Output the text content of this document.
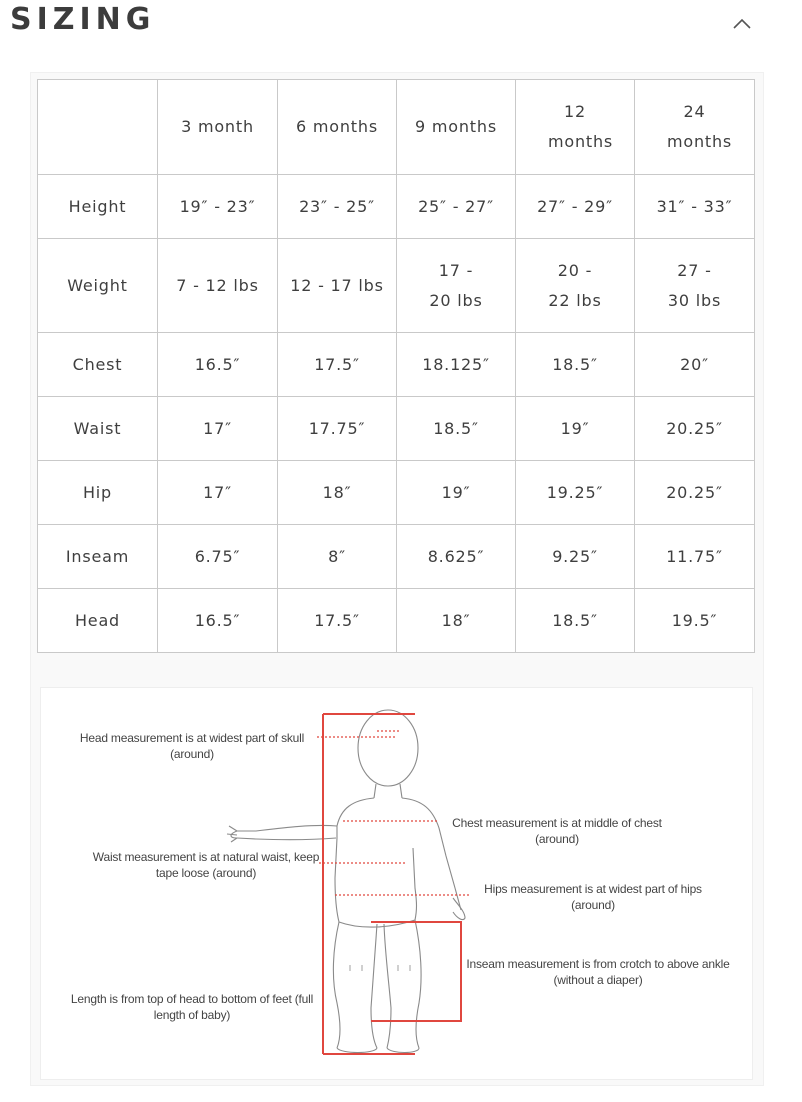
SIZING
	3 month	6 months	9 months	12 months	24 months
Height	19″ - 23″	23″ - 25″	25″ - 27″	27″ - 29″	31″ - 33″
Weight	7 - 12 lbs	12 - 17 lbs	17 - 20 lbs	20 - 22 lbs	27 - 30 lbs
Chest	16.5″	17.5″	18.125″	18.5″	20″
Waist	17″	17.75″	18.5″	19″	20.25″
Hip	17″	18″	19″	19.25″	20.25″
Inseam	6.75″	8″	8.625″	9.25″	11.75″
Head	16.5″	17.5″	18″	18.5″	19.5″
Head measurement is at widest part of skull (around)
Chest measurement is at middle of chest (around)
Waist measurement is at natural waist, keep tape loose (around)
Hips measurement is at widest part of hips (around)
Inseam measurement is from crotch to above ankle (without a diaper)
Length is from top of head to bottom of feet (full length of baby)
